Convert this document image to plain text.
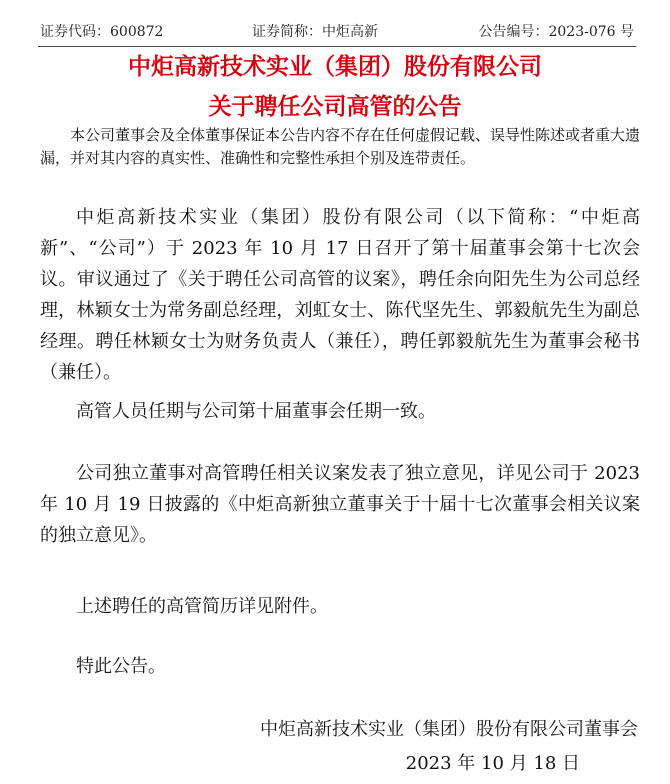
证券代码：600872	证券简称：中炬高新	公告编号：2023-076 号
中炬高新技术实业（集团）股份有限公司
关于聘任公司高管的公告

本公司董事会及全体董事保证本公告内容不存在任何虚假记载、误导性陈述或者重大遗漏，并对其内容的真实性、准确性和完整性承担个别及连带责任。

中炬高新技术实业（集团）股份有限公司（以下简称：“中炬高新”、“公司”）于 2023 年 10 月 17 日召开了第十届董事会第十七次会议。审议通过了《关于聘任公司高管的议案》，聘任余向阳先生为公司总经理，林颖女士为常务副总经理，刘虹女士、陈代坚先生、郭毅航先生为副总经理。聘任林颖女士为财务负责人（兼任），聘任郭毅航先生为董事会秘书（兼任）。

高管人员任期与公司第十届董事会任期一致。

公司独立董事对高管聘任相关议案发表了独立意见，详见公司于 2023 年 10 月 19 日披露的《中炬高新独立董事关于十届十七次董事会相关议案的独立意见》。

上述聘任的高管简历详见附件。

特此公告。

中炬高新技术实业（集团）股份有限公司董事会
2023 年 10 月 18 日
